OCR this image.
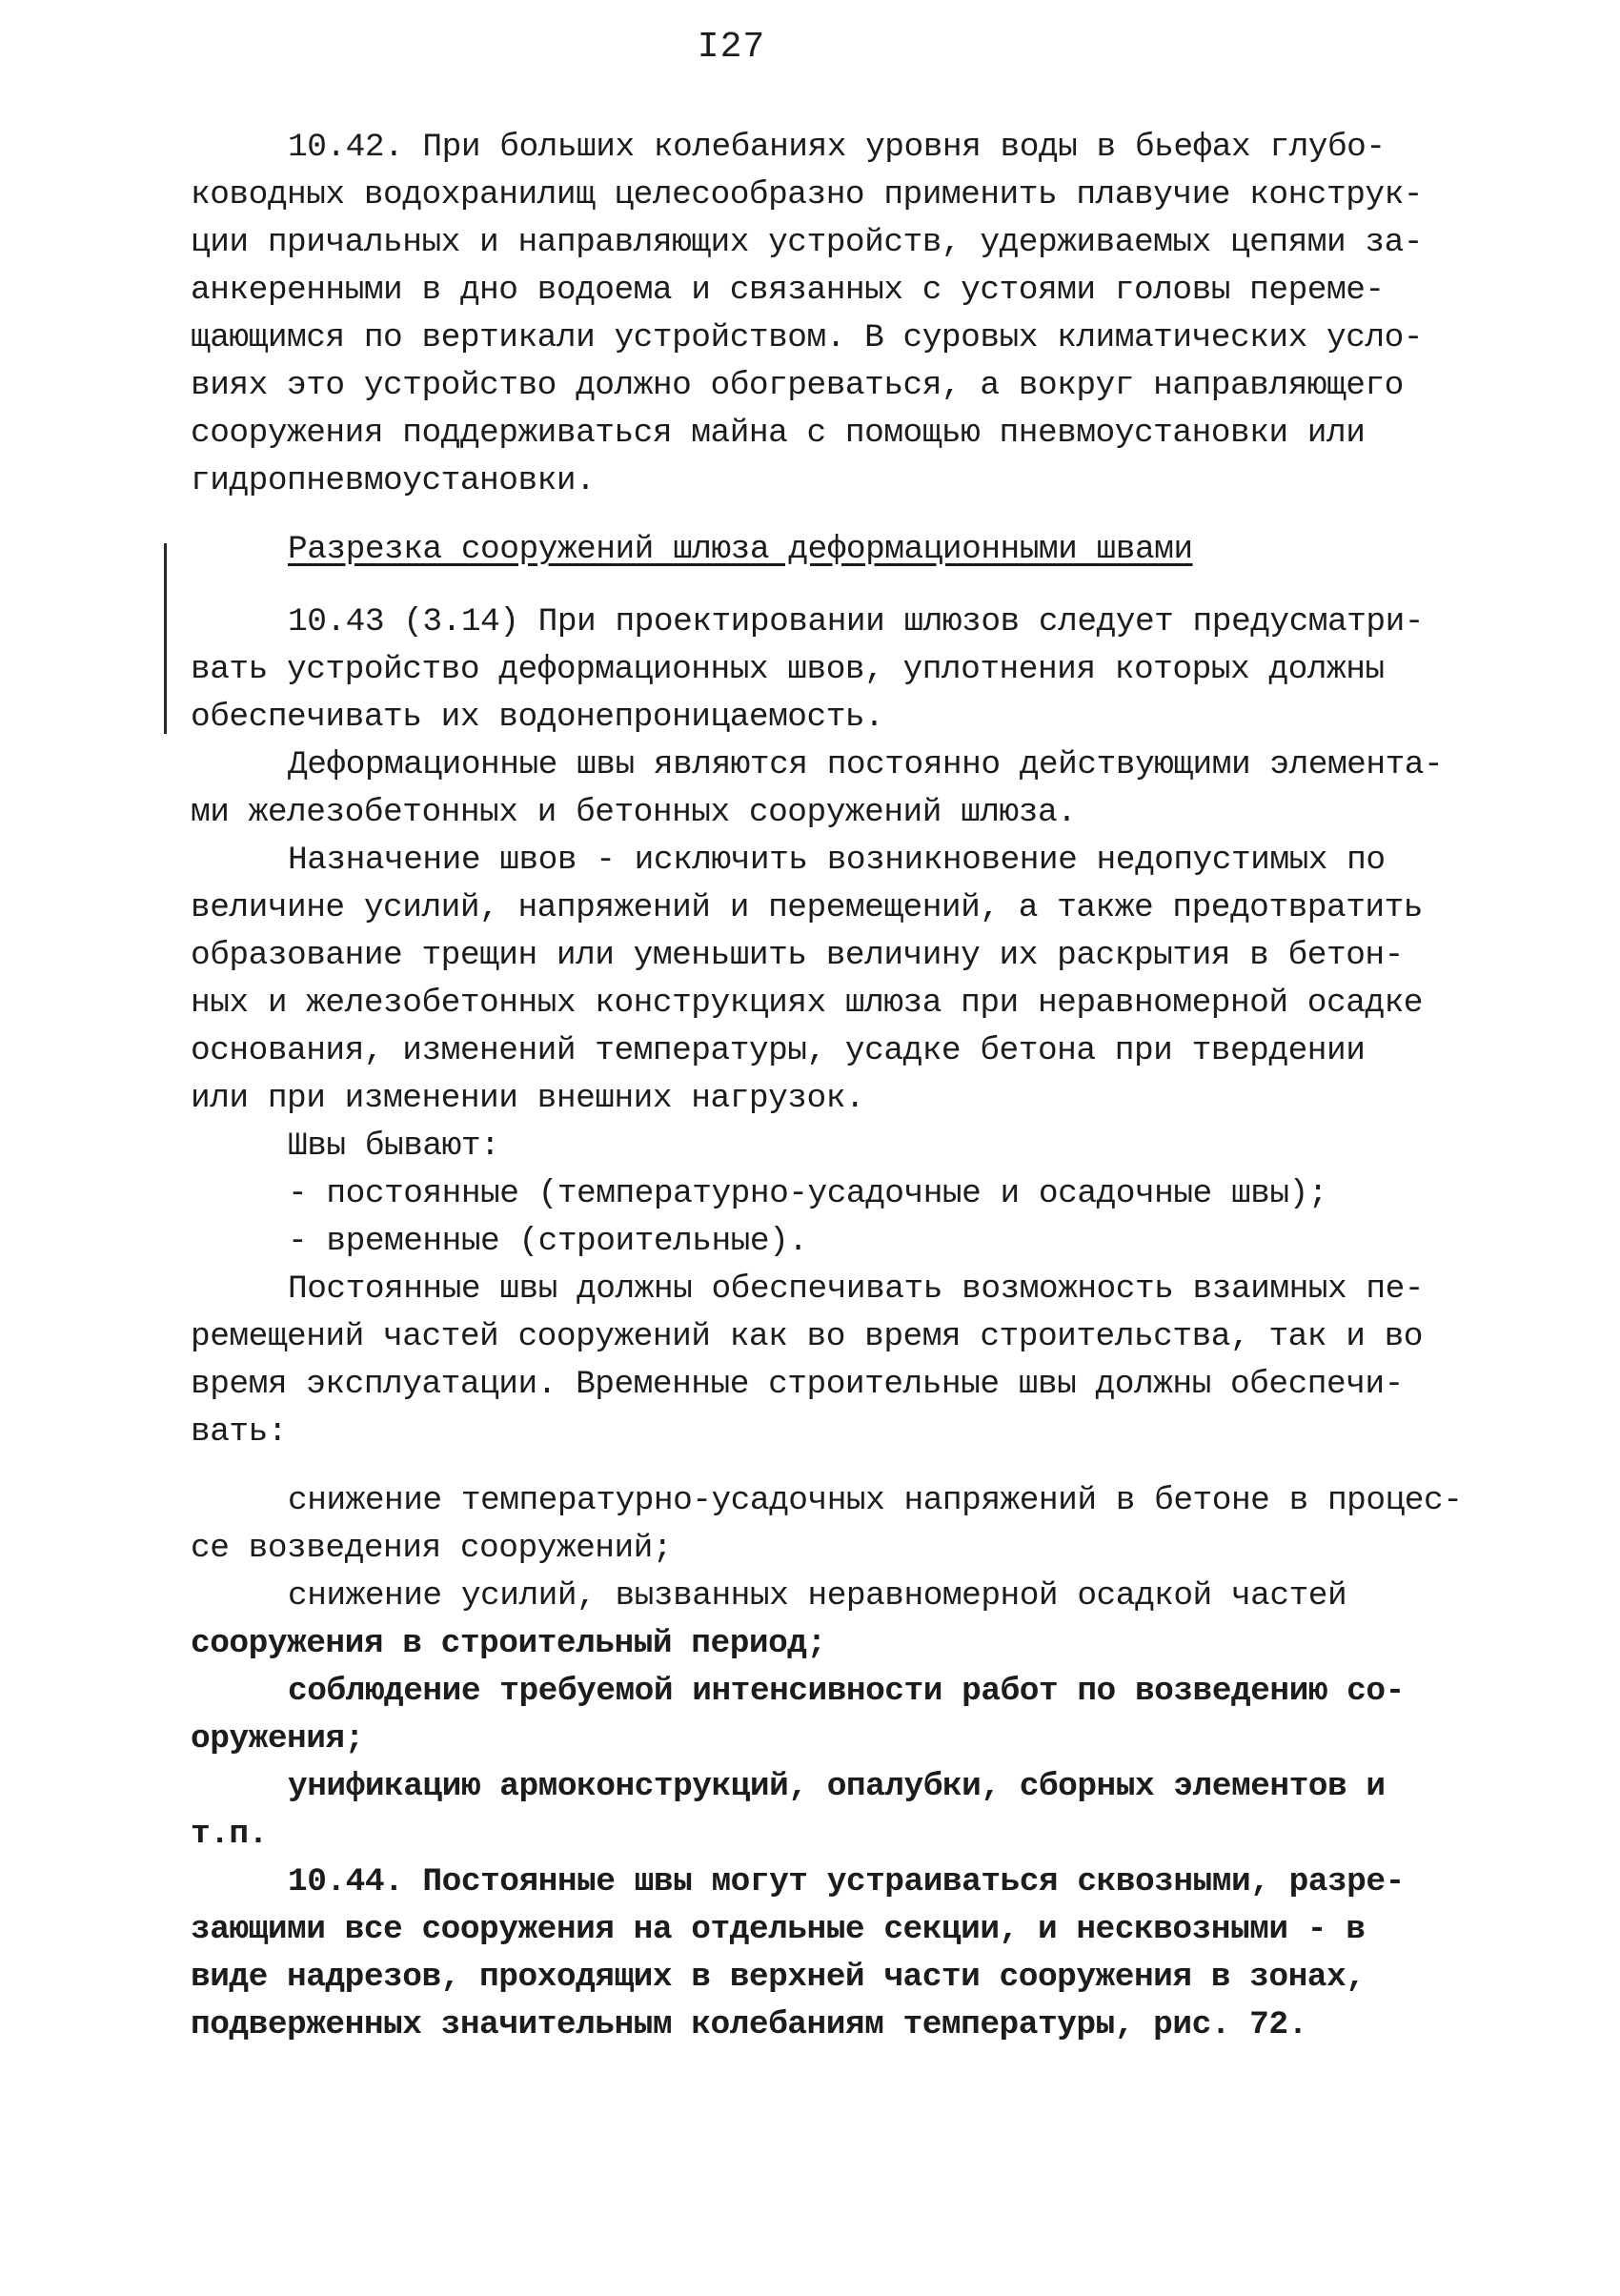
I27
10.42. При больших колебаниях уровня воды в бьефах глубо-
ководных водохранилищ целесообразно применить плавучие конструк-
ции причальных и направляющих устройств, удерживаемых цепями за-
анкеренными в дно водоема и связанных с устоями головы переме-
щающимся по вертикали устройством. В суровых климатических усло-
виях это устройство должно обогреваться, а вокруг направляющего
сооружения поддерживаться майна с помощью пневмоустановки или
гидропневмоустановки.
Разрезка сооружений шлюза деформационными швами
10.43 (3.14) При проектировании шлюзов следует предусматри-
вать устройство деформационных швов, уплотнения которых должны
обеспечивать их водонепроницаемость.
Деформационные швы являются постоянно действующими элемента-
ми железобетонных и бетонных сооружений шлюза.
Назначение швов - исключить возникновение недопустимых по
величине усилий, напряжений и перемещений, а также предотвратить
образование трещин или уменьшить величину их раскрытия в бетон-
ных и железобетонных конструкциях шлюза при неравномерной осадке
основания, изменений температуры, усадке бетона при твердении
или при изменении внешних нагрузок.
Швы бывают:
- постоянные (температурно-усадочные и осадочные швы);
- временные (строительные).
Постоянные швы должны обеспечивать возможность взаимных пе-
ремещений частей сооружений как во время строительства, так и во
время эксплуатации. Временные строительные швы должны обеспечи-
вать:
снижение температурно-усадочных напряжений в бетоне в процес-
се возведения сооружений;
снижение усилий, вызванных неравномерной осадкой частей
сооружения в строительный период;
соблюдение требуемой интенсивности работ по возведению со-
оружения;
унификацию армоконструкций, опалубки, сборных элементов и
т.п.
10.44. Постоянные швы могут устраиваться сквозными, разре-
зающими все сооружения на отдельные секции, и несквозными - в
виде надрезов, проходящих в верхней части сооружения в зонах,
подверженных значительным колебаниям температуры, рис. 72.
